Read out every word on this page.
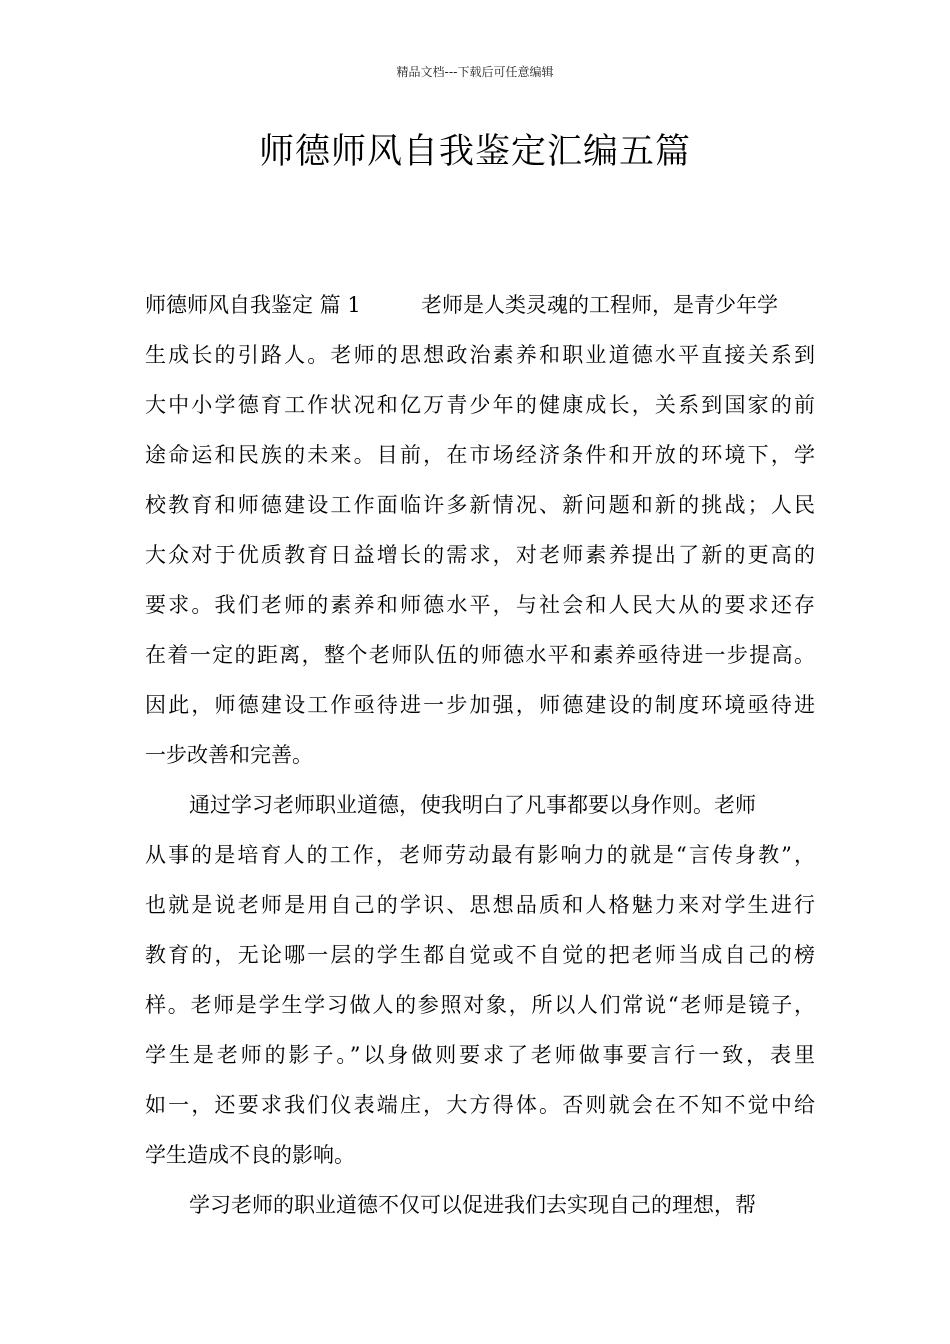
精品文档---下载后可任意编辑
师德师风自我鉴定汇编五篇
师德师风自我鉴定 篇 1	老师是人类灵魂的工程师，是青少年学
生成长的引路人。老师的思想政治素养和职业道德水平直接关系到
大中小学德育工作状况和亿万青少年的健康成长，关系到国家的前
途命运和民族的未来。目前，在市场经济条件和开放的环境下，学
校教育和师德建设工作面临许多新情况、新问题和新的挑战；人民
大众对于优质教育日益增长的需求，对老师素养提出了新的更高的
要求。我们老师的素养和师德水平，与社会和人民大从的要求还存
在着一定的距离，整个老师队伍的师德水平和素养亟待进一步提高。
因此，师德建设工作亟待进一步加强，师德建设的制度环境亟待进
一步改善和完善。
通过学习老师职业道德，使我明白了凡事都要以身作则。老师
从事的是培育人的工作，老师劳动最有影响力的就是“言传身教”，
也就是说老师是用自己的学识、思想品质和人格魅力来对学生进行
教育的，无论哪一层的学生都自觉或不自觉的把老师当成自己的榜
样。老师是学生学习做人的参照对象，所以人们常说“老师是镜子，
学生是老师的影子。”以身做则要求了老师做事要言行一致，表里
如一，还要求我们仪表端庄，大方得体。否则就会在不知不觉中给
学生造成不良的影响。
学习老师的职业道德不仅可以促进我们去实现自己的理想，帮
